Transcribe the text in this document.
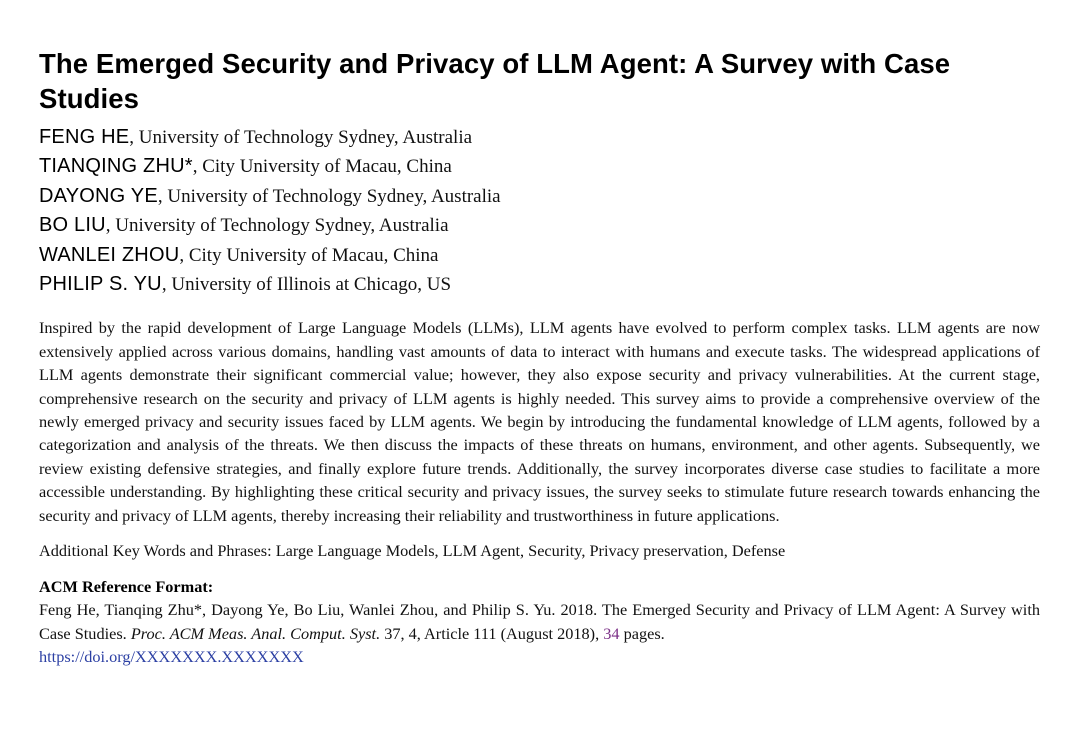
The Emerged Security and Privacy of LLM Agent: A Survey with Case Studies
FENG HE, University of Technology Sydney, Australia
TIANQING ZHU*, City University of Macau, China
DAYONG YE, University of Technology Sydney, Australia
BO LIU, University of Technology Sydney, Australia
WANLEI ZHOU, City University of Macau, China
PHILIP S. YU, University of Illinois at Chicago, US

Inspired by the rapid development of Large Language Models (LLMs), LLM agents have evolved to perform complex tasks. LLM agents are now extensively applied across various domains, handling vast amounts of data to interact with humans and execute tasks. The widespread applications of LLM agents demonstrate their significant commercial value; however, they also expose security and privacy vulnerabilities. At the current stage, comprehensive research on the security and privacy of LLM agents is highly needed. This survey aims to provide a comprehensive overview of the newly emerged privacy and security issues faced by LLM agents. We begin by introducing the fundamental knowledge of LLM agents, followed by a categorization and analysis of the threats. We then discuss the impacts of these threats on humans, environment, and other agents. Subsequently, we review existing defensive strategies, and finally explore future trends. Additionally, the survey incorporates diverse case studies to facilitate a more accessible understanding. By highlighting these critical security and privacy issues, the survey seeks to stimulate future research towards enhancing the security and privacy of LLM agents, thereby increasing their reliability and trustworthiness in future applications.

Additional Key Words and Phrases: Large Language Models, LLM Agent, Security, Privacy preservation, Defense
ACM Reference Format:
Feng He, Tianqing Zhu*, Dayong Ye, Bo Liu, Wanlei Zhou, and Philip S. Yu. 2018. The Emerged Security and Privacy of LLM Agent: A Survey with Case Studies. Proc. ACM Meas. Anal. Comput. Syst. 37, 4, Article 111 (August 2018), 34 pages.
https://doi.org/XXXXXXX.XXXXXXX
